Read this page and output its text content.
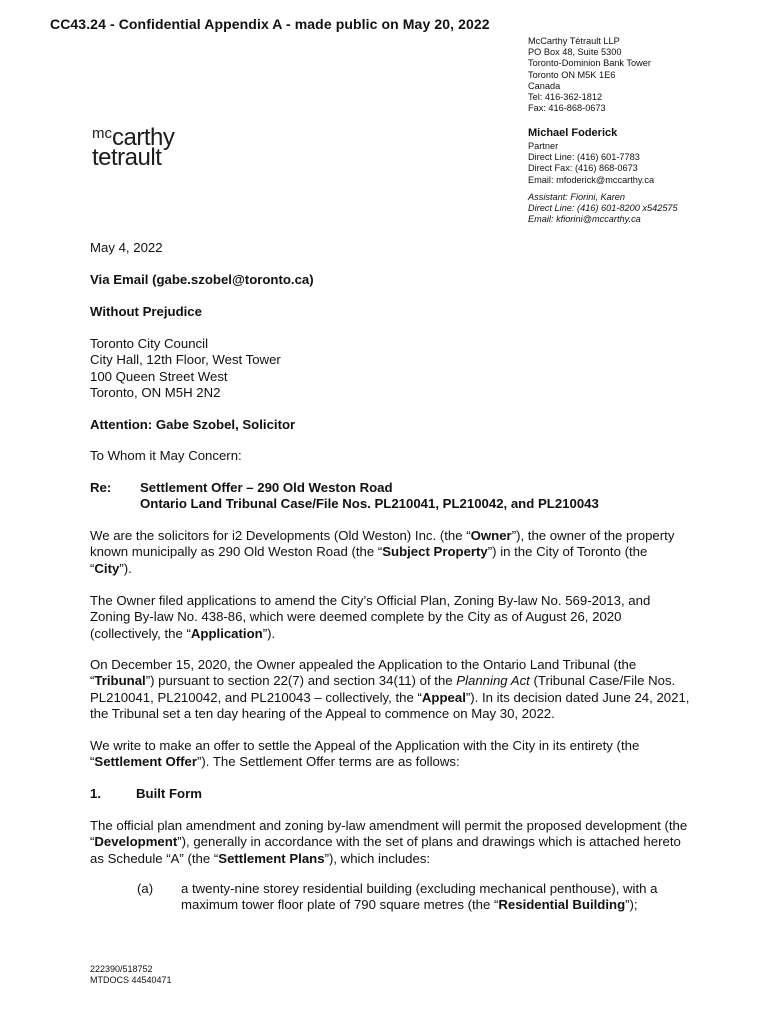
CC43.24 - Confidential Appendix A - made public on May 20, 2022
McCarthy Tétrault LLP
PO Box 48, Suite 5300
Toronto-Dominion Bank Tower
Toronto ON M5K 1E6
Canada
Tel: 416-362-1812
Fax: 416-868-0673
$^{mc}$carthy
tetrault
Michael Foderick
Partner
Direct Line: (416) 601-7783
Direct Fax: (416) 868-0673
Email: mfoderick@mccarthy.ca
Assistant: Fiorini, Karen
Direct Line: (416) 601-8200 x542575
Email: kfiorini@mccarthy.ca
May 4, 2022
Via Email (gabe.szobel@toronto.ca)
Without Prejudice
Toronto City Council
City Hall, 12th Floor, West Tower
100 Queen Street West
Toronto, ON M5H 2N2
Attention: Gabe Szobel, Solicitor
To Whom it May Concern:
Re: Settlement Offer – 290 Old Weston Road
Ontario Land Tribunal Case/File Nos. PL210041, PL210042, and PL210043
We are the solicitors for i2 Developments (Old Weston) Inc. (the “Owner”), the owner of the property known municipally as 290 Old Weston Road (the “Subject Property”) in the City of Toronto (the “City”).
The Owner filed applications to amend the City’s Official Plan, Zoning By-law No. 569-2013, and Zoning By-law No. 438-86, which were deemed complete by the City as of August 26, 2020 (collectively, the “Application”).
On December 15, 2020, the Owner appealed the Application to the Ontario Land Tribunal (the “Tribunal”) pursuant to section 22(7) and section 34(11) of the Planning Act (Tribunal Case/File Nos. PL210041, PL210042, and PL210043 – collectively, the “Appeal”). In its decision dated June 24, 2021, the Tribunal set a ten day hearing of the Appeal to commence on May 30, 2022.
We write to make an offer to settle the Appeal of the Application with the City in its entirety (the “Settlement Offer”). The Settlement Offer terms are as follows:
1.	Built Form
The official plan amendment and zoning by-law amendment will permit the proposed development (the “Development”), generally in accordance with the set of plans and drawings which is attached hereto as Schedule “A” (the “Settlement Plans”), which includes:
(a) a twenty-nine storey residential building (excluding mechanical penthouse), with a maximum tower floor plate of 790 square metres (the “Residential Building”);
222390/518752
MTDOCS 44540471
